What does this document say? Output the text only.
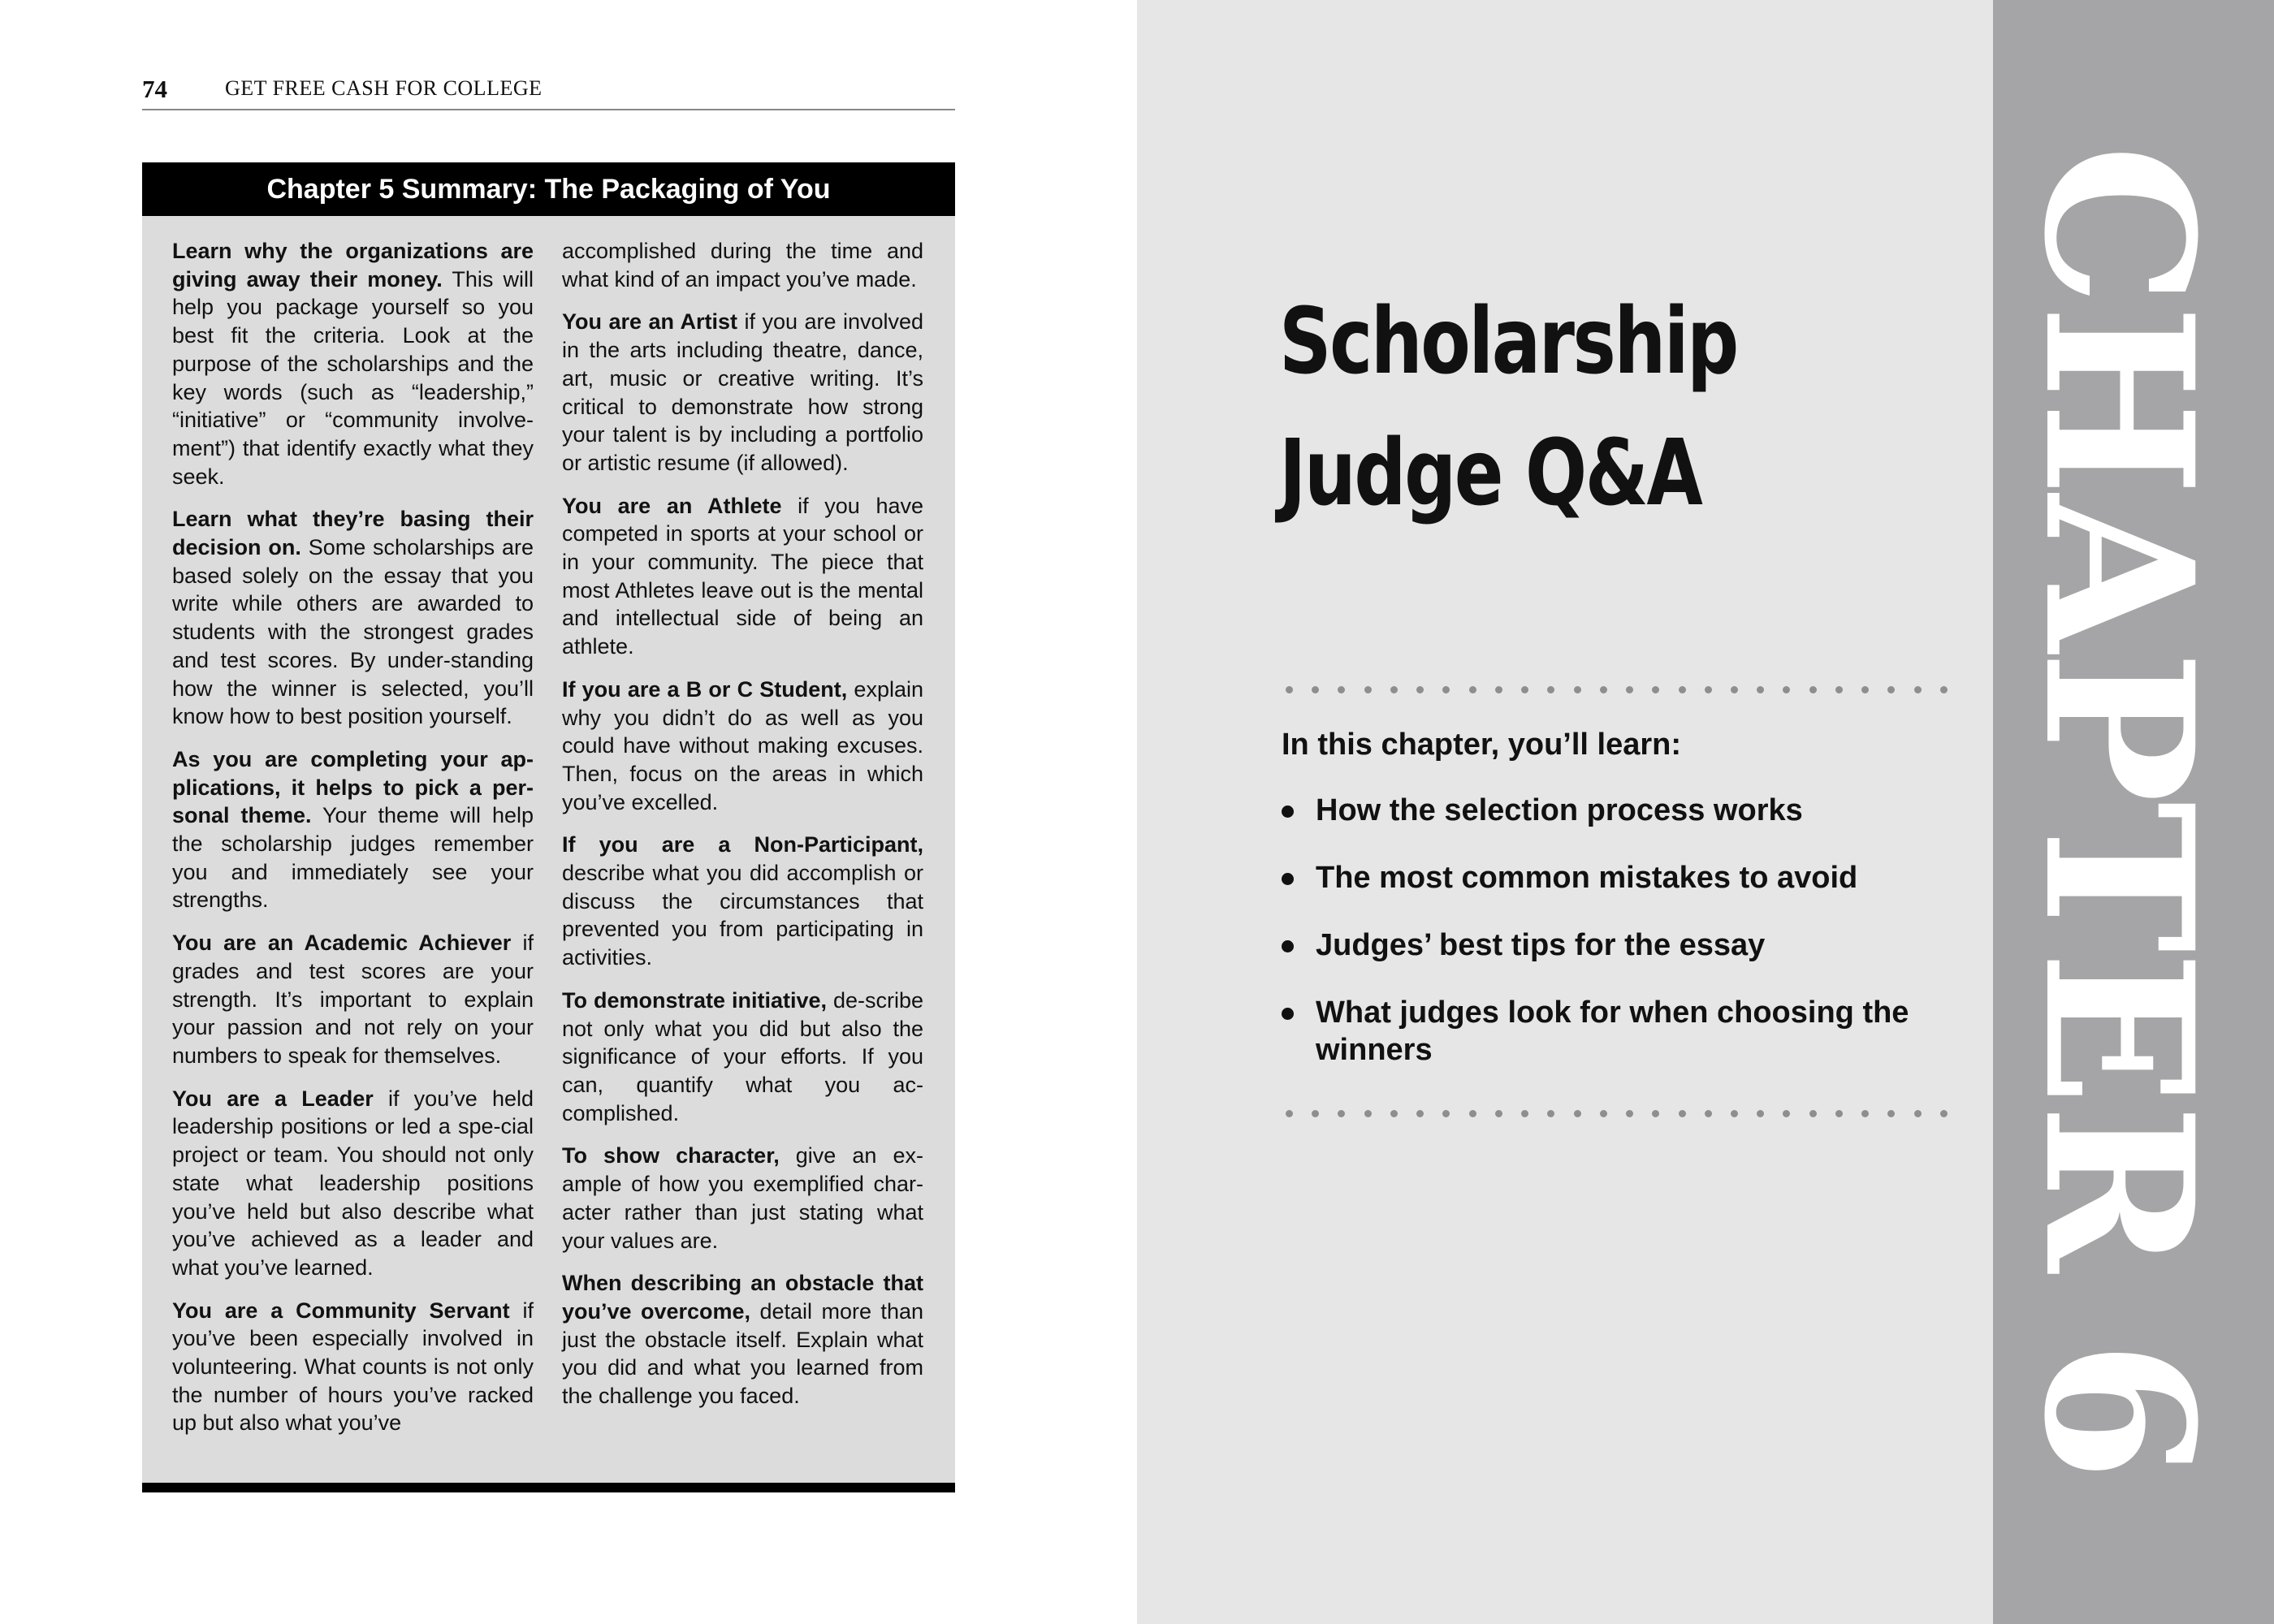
74	GET FREE CASH FOR COLLEGE
Chapter 5 Summary: The Packaging of You

Learn why the organizations are giving away their money. This will help you package yourself so you best fit the criteria. Look at the purpose of the scholarships and the key words (such as “leadership,” “initiative” or “community involve-ment”) that identify exactly what they seek.

Learn what they’re basing their decision on. Some scholarships are based solely on the essay that you write while others are awarded to students with the strongest grades and test scores. By under-standing how the winner is selected, you’ll know how to best position yourself.

As you are completing your ap-plications, it helps to pick a per-sonal theme. Your theme will help the scholarship judges remember you and immediately see your strengths.

You are an Academic Achiever if grades and test scores are your strength. It’s important to explain your passion and not rely on your numbers to speak for themselves.

You are a Leader if you’ve held leadership positions or led a spe-cial project or team. You should not only state what leadership positions you’ve held but also describe what you’ve achieved as a leader and what you’ve learned.

You are a Community Servant if you’ve been especially involved in volunteering. What counts is not only the number of hours you’ve racked up but also what you’ve

accomplished during the time and what kind of an impact you’ve made.

You are an Artist if you are involved in the arts including theatre, dance, art, music or creative writing. It’s critical to demonstrate how strong your talent is by including a portfolio or artistic resume (if allowed).

You are an Athlete if you have competed in sports at your school or in your community. The piece that most Athletes leave out is the mental and intellectual side of being an athlete.

If you are a B or C Student, explain why you didn’t do as well as you could have without making excuses. Then, focus on the areas in which you’ve excelled.

If you are a Non-Participant, describe what you did accomplish or discuss the circumstances that prevented you from participating in activities.

To demonstrate initiative, de-scribe not only what you did but also the significance of your efforts. If you can, quantify what you ac-complished.

To show character, give an ex-ample of how you exemplified char-acter rather than just stating what your values are.

When describing an obstacle that you’ve overcome, detail more than just the obstacle itself. Explain what you did and what you learned from the challenge you faced.	CHAPTER 6
Scholarship
Judge Q&A
In this chapter, you’ll learn:
How the selection process works
The most common mistakes to avoid
Judges’ best tips for the essay
What judges look for when choosing the winners
